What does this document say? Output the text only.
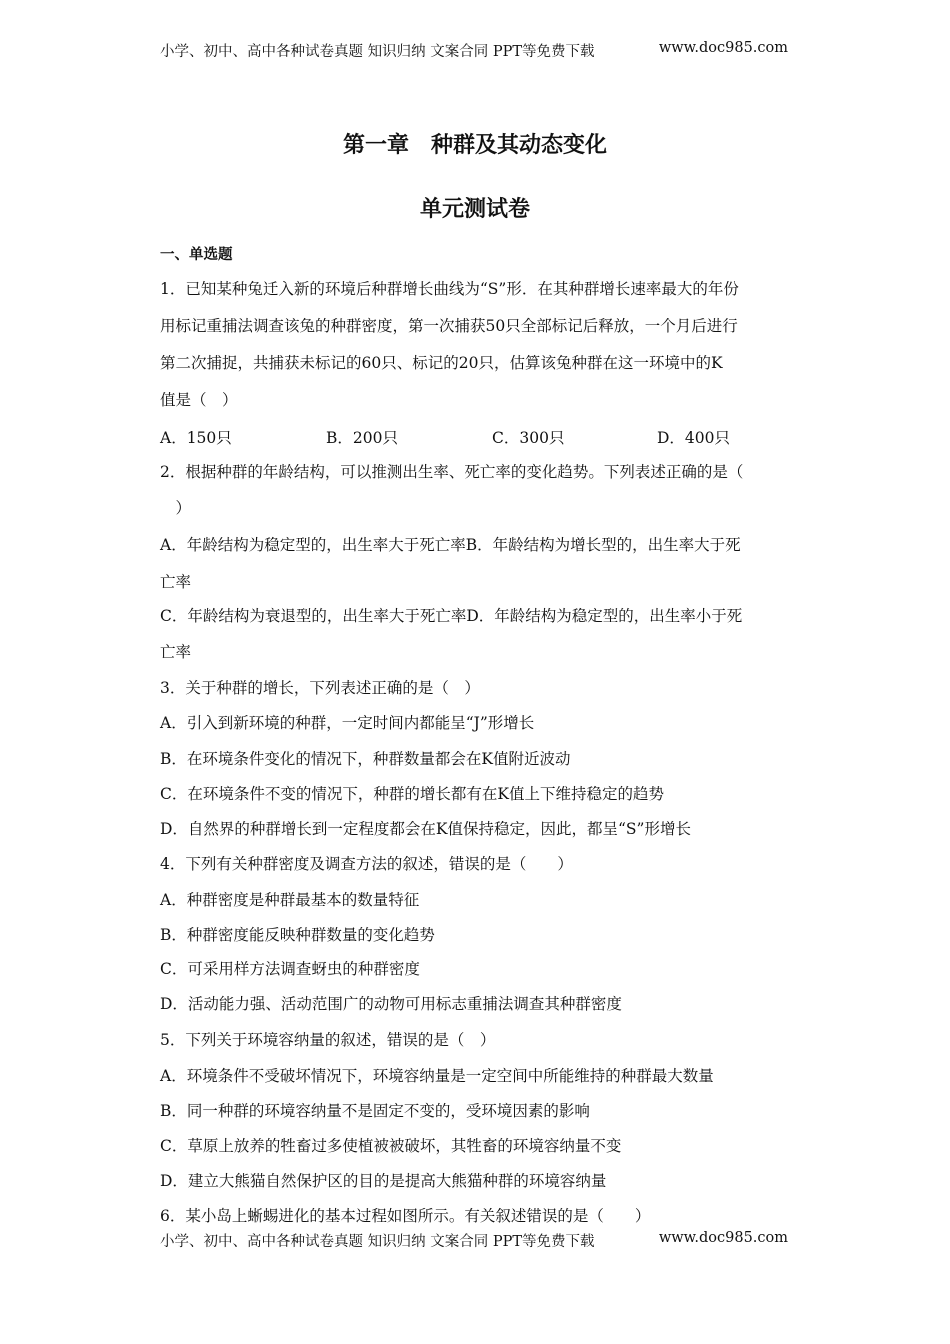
小学、初中、高中各种试卷真题 知识归纳 文案合同 PPT等免费下载	www.doc985.com
第一章　种群及其动态变化
单元测试卷
一、单选题
1．已知某种兔迁入新的环境后种群增长曲线为“S”形．在其种群增长速率最大的年份
用标记重捕法调查该兔的种群密度，第一次捕获50只全部标记后释放，一个月后进行
第二次捕捉，共捕获未标记的60只、标记的20只，估算该兔种群在这一环境中的K
值是（　）
A．150只	B．200只	C．300只	D．400只
2．根据种群的年龄结构，可以推测出生率、死亡率的变化趋势。下列表述正确的是（
　）
A．年龄结构为稳定型的，出生率大于死亡率B．年龄结构为增长型的，出生率大于死
亡率
C．年龄结构为衰退型的，出生率大于死亡率D．年龄结构为稳定型的，出生率小于死
亡率
3．关于种群的增长，下列表述正确的是（　）
A．引入到新环境的种群，一定时间内都能呈“J”形增长
B．在环境条件变化的情况下，种群数量都会在K值附近波动
C．在环境条件不变的情况下，种群的增长都有在K值上下维持稳定的趋势
D．自然界的种群增长到一定程度都会在K值保持稳定，因此，都呈“S”形增长
4．下列有关种群密度及调查方法的叙述，错误的是（　　）
A．种群密度是种群最基本的数量特征
B．种群密度能反映种群数量的变化趋势
C．可采用样方法调查蚜虫的种群密度
D．活动能力强、活动范围广的动物可用标志重捕法调查其种群密度
5．下列关于环境容纳量的叙述，错误的是（　）
A．环境条件不受破坏情况下，环境容纳量是一定空间中所能维持的种群最大数量
B．同一种群的环境容纳量不是固定不变的，受环境因素的影响
C．草原上放养的牲畜过多使植被被破坏，其牲畜的环境容纳量不变
D．建立大熊猫自然保护区的目的是提高大熊猫种群的环境容纳量
6．某小岛上蜥蜴进化的基本过程如图所示。有关叙述错误的是（　　）
小学、初中、高中各种试卷真题 知识归纳 文案合同 PPT等免费下载	www.doc985.com
